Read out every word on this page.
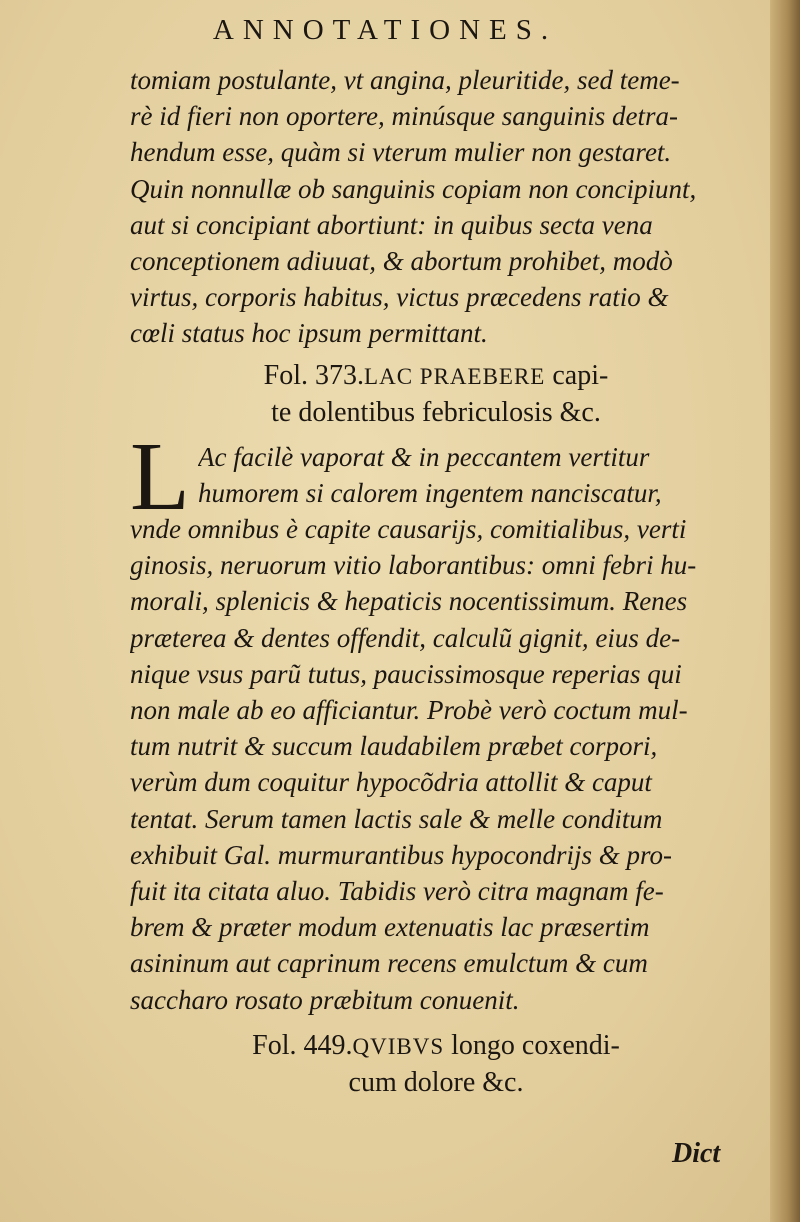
ANNOTATIONES.
tomiam postulante, vt angina, pleuritide, sed teme-
rè id fieri non oportere, minúsque sanguinis detra-
hendum esse, quàm si vterum mulier non gestaret.
Quin nonnullæ ob sanguinis copiam non concipiunt,
aut si concipiant abortiunt: in quibus secta vena
conceptionem adiuuat, & abortum prohibet, modò
virtus, corporis habitus, victus præcedens ratio &
cœli status hoc ipsum permittant.
Fol. 373.LAC PRAEBERE capi-
te dolentibus febriculosis &c.
L Ac facilè vaporat & in peccantem vertitur
humorem si calorem ingentem nanciscatur,
vnde omnibus è capite causarijs, comitialibus, verti
ginosis, neruorum vitio laborantibus: omni febri hu-
morali, splenicis & hepaticis nocentissimum. Renes
præterea & dentes offendit, calculũ gignit, eius de-
nique vsus parũ tutus, paucissimosque reperias qui
non male ab eo afficiantur. Probè verò coctum mul-
tum nutrit & succum laudabilem præbet corpori,
verùm dum coquitur hypocõdria attollit & caput
tentat. Serum tamen lactis sale & melle conditum
exhibuit Gal. murmurantibus hypocondrijs & pro-
fuit ita citata aluo. Tabidis verò citra magnam fe-
brem & præter modum extenuatis lac præsertim
asininum aut caprinum recens emulctum & cum
saccharo rosato præbitum conuenit.
Fol. 449.QVIBVS longo coxendi-
cum dolore &c.
Dict
